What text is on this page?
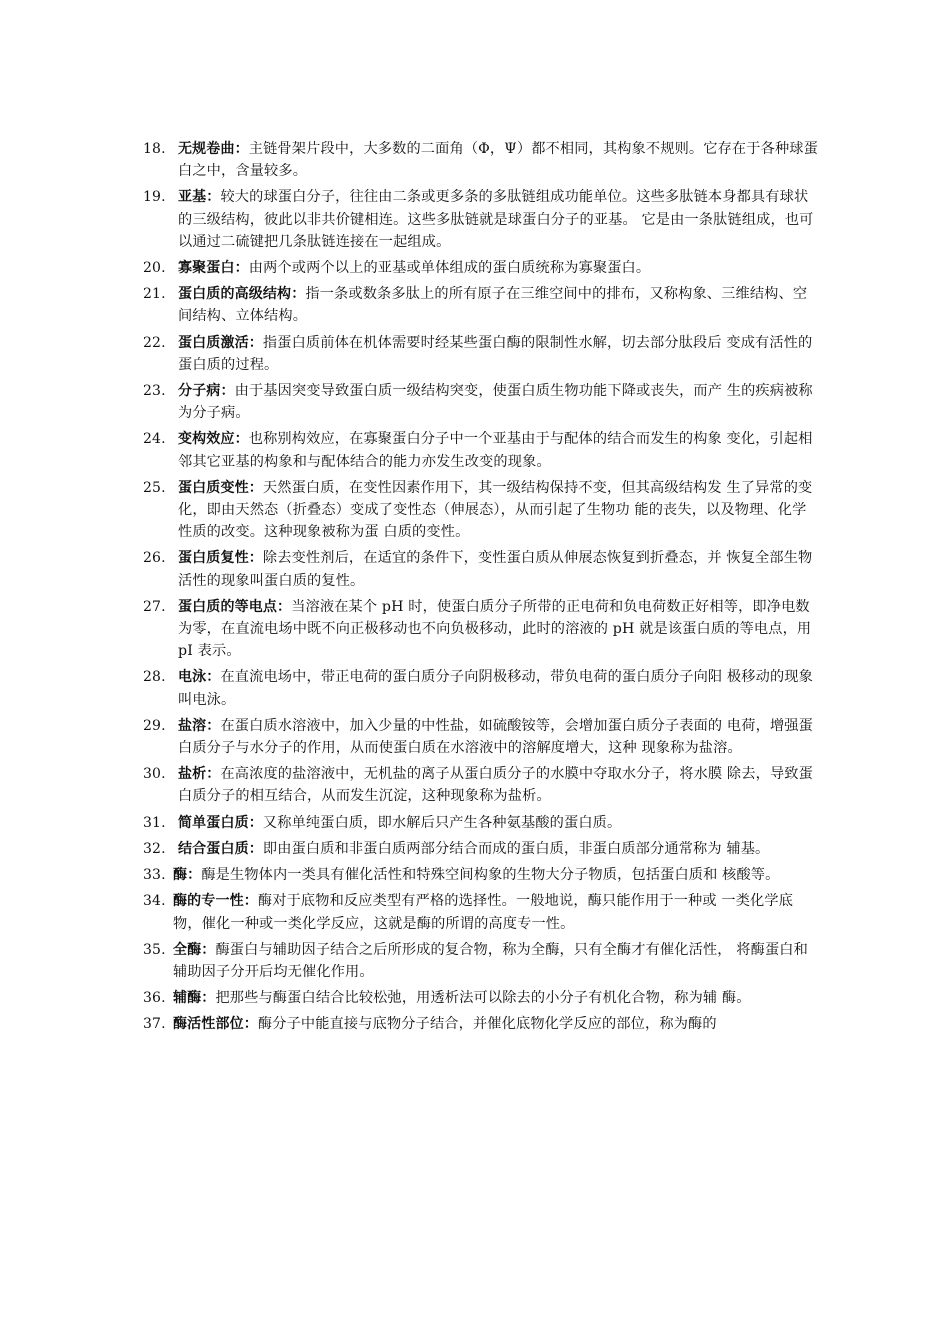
18. 无规卷曲：主链骨架片段中，大多数的二面角（Φ，Ψ）都不相同，其构象不规则。它存在于各种球蛋白之中，含量较多。
19. 亚基：较大的球蛋白分子，往往由二条或更多条的多肽链组成功能单位。这些多肽链本身都具有球状的三级结构，彼此以非共价键相连。这些多肽链就是球蛋白分子的亚基。 它是由一条肽链组成，也可以通过二硫键把几条肽链连接在一起组成。
20. 寡聚蛋白：由两个或两个以上的亚基或单体组成的蛋白质统称为寡聚蛋白。
21. 蛋白质的高级结构：指一条或数条多肽上的所有原子在三维空间中的排布，又称构象、三维结构、空间结构、立体结构。
22. 蛋白质激活：指蛋白质前体在机体需要时经某些蛋白酶的限制性水解，切去部分肽段后 变成有活性的蛋白质的过程。
23. 分子病：由于基因突变导致蛋白质一级结构突变，使蛋白质生物功能下降或丧失，而产 生的疾病被称为分子病。
24. 变构效应：也称别构效应，在寡聚蛋白分子中一个亚基由于与配体的结合而发生的构象 变化，引起相邻其它亚基的构象和与配体结合的能力亦发生改变的现象。
25. 蛋白质变性：天然蛋白质，在变性因素作用下，其一级结构保持不变，但其高级结构发 生了异常的变化，即由天然态（折叠态）变成了变性态（伸展态），从而引起了生物功 能的丧失，以及物理、化学性质的改变。这种现象被称为蛋 白质的变性。
26. 蛋白质复性：除去变性剂后，在适宜的条件下，变性蛋白质从伸展态恢复到折叠态，并 恢复全部生物活性的现象叫蛋白质的复性。
27. 蛋白质的等电点：当溶液在某个 pH 时，使蛋白质分子所带的正电荷和负电荷数正好相等，即净电数为零，在直流电场中既不向正极移动也不向负极移动，此时的溶液的 pH 就是该蛋白质的等电点，用 pI 表示。
28. 电泳：在直流电场中，带正电荷的蛋白质分子向阴极移动，带负电荷的蛋白质分子向阳 极移动的现象叫电泳。
29. 盐溶：在蛋白质水溶液中，加入少量的中性盐，如硫酸铵等，会增加蛋白质分子表面的 电荷，增强蛋白质分子与水分子的作用，从而使蛋白质在水溶液中的溶解度增大，这种 现象称为盐溶。
30. 盐析：在高浓度的盐溶液中，无机盐的离子从蛋白质分子的水膜中夺取水分子，将水膜 除去，导致蛋白质分子的相互结合，从而发生沉淀，这种现象称为盐析。
31. 简单蛋白质：又称单纯蛋白质，即水解后只产生各种氨基酸的蛋白质。
32. 结合蛋白质：即由蛋白质和非蛋白质两部分结合而成的蛋白质，非蛋白质部分通常称为 辅基。
33. 酶：酶是生物体内一类具有催化活性和特殊空间构象的生物大分子物质，包括蛋白质和 核酸等。
34. 酶的专一性：酶对于底物和反应类型有严格的选择性。一般地说，酶只能作用于一种或 一类化学底物，催化一种或一类化学反应，这就是酶的所谓的高度专一性。
35. 全酶：酶蛋白与辅助因子结合之后所形成的复合物，称为全酶，只有全酶才有催化活性， 将酶蛋白和辅助因子分开后均无催化作用。
36. 辅酶：把那些与酶蛋白结合比较松弛，用透析法可以除去的小分子有机化合物，称为辅 酶。
37. 酶活性部位：酶分子中能直接与底物分子结合，并催化底物化学反应的部位，称为酶的
